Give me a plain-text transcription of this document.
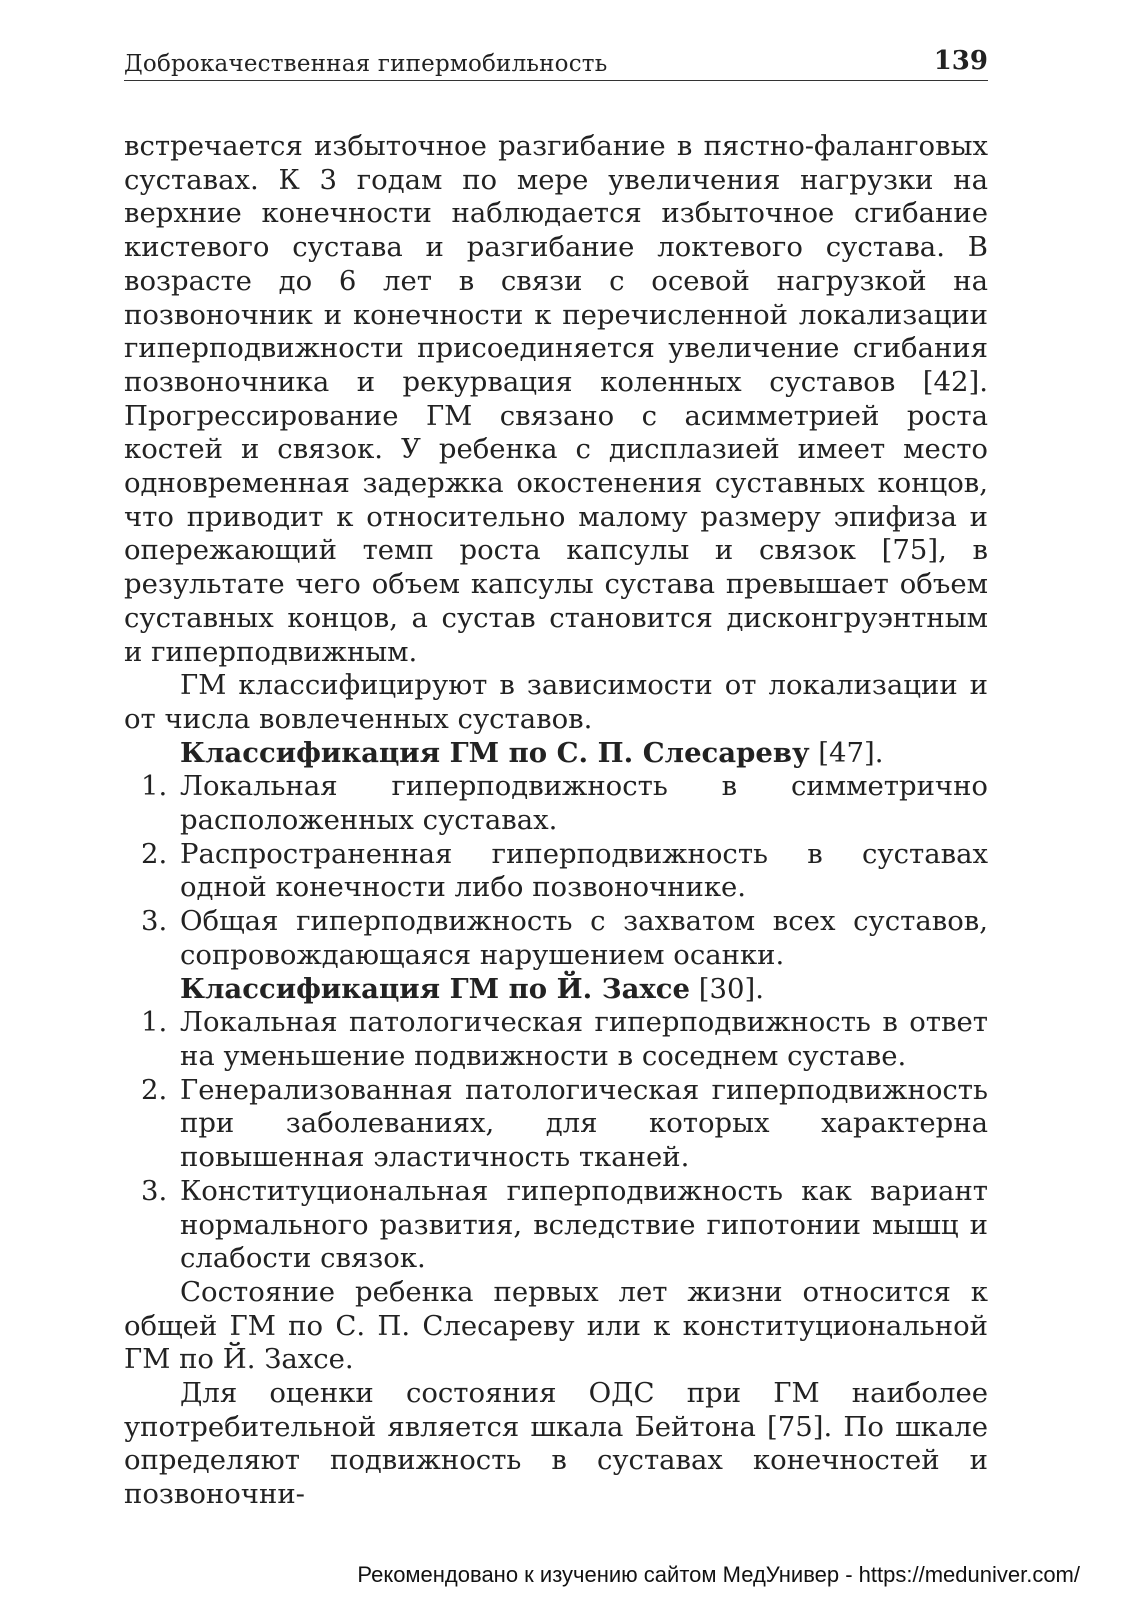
Доброкачественная гипермобильность	139

встречается избыточное разгибание в пястно-фаланговых суставах. К 3 годам по мере увеличения нагрузки на верхние конечности наблюдается избыточное сгибание кистевого сустава и разгибание локтевого сустава. В возрасте до 6 лет в связи с осевой нагрузкой на позвоночник и конечности к перечисленной локализации гиперподвижности присоединяется увеличение сгибания позвоночника и рекурвация коленных суставов [42]. Прогрессирование ГМ связано с асимметрией роста костей и связок. У ребенка с дисплазией имеет место одновременная задержка окостенения суставных концов, что приводит к относительно малому размеру эпифиза и опережающий темп роста капсулы и связок [75], в результате чего объем капсулы сустава превышает объем суставных концов, а сустав становится дисконгруэнтным и гиперподвижным.

ГМ классифицируют в зависимости от локализации и от числа вовлеченных суставов.

Классификация ГМ по С. П. Слесареву [47].

1. Локальная гиперподвижность в симметрично расположенных суставах.
2. Распространенная гиперподвижность в суставах одной конечности либо позвоночнике.
3. Общая гиперподвижность с захватом всех суставов, сопровождающаяся нарушением осанки.

Классификация ГМ по Й. Захсе [30].

1. Локальная патологическая гиперподвижность в ответ на уменьшение подвижности в соседнем суставе.
2. Генерализованная патологическая гиперподвижность при заболеваниях, для которых характерна повышенная эластичность тканей.
3. Конституциональная гиперподвижность как вариант нормального развития, вследствие гипотонии мышц и слабости связок.

Состояние ребенка первых лет жизни относится к общей ГМ по С. П. Слесареву или к конституциональной ГМ по Й. Захсе.

Для оценки состояния ОДС при ГМ наиболее употребительной является шкала Бейтона [75]. По шкале определяют подвижность в суставах конечностей и позвоночни-

Рекомендовано к изучению сайтом МедУнивер - https://meduniver.com/
